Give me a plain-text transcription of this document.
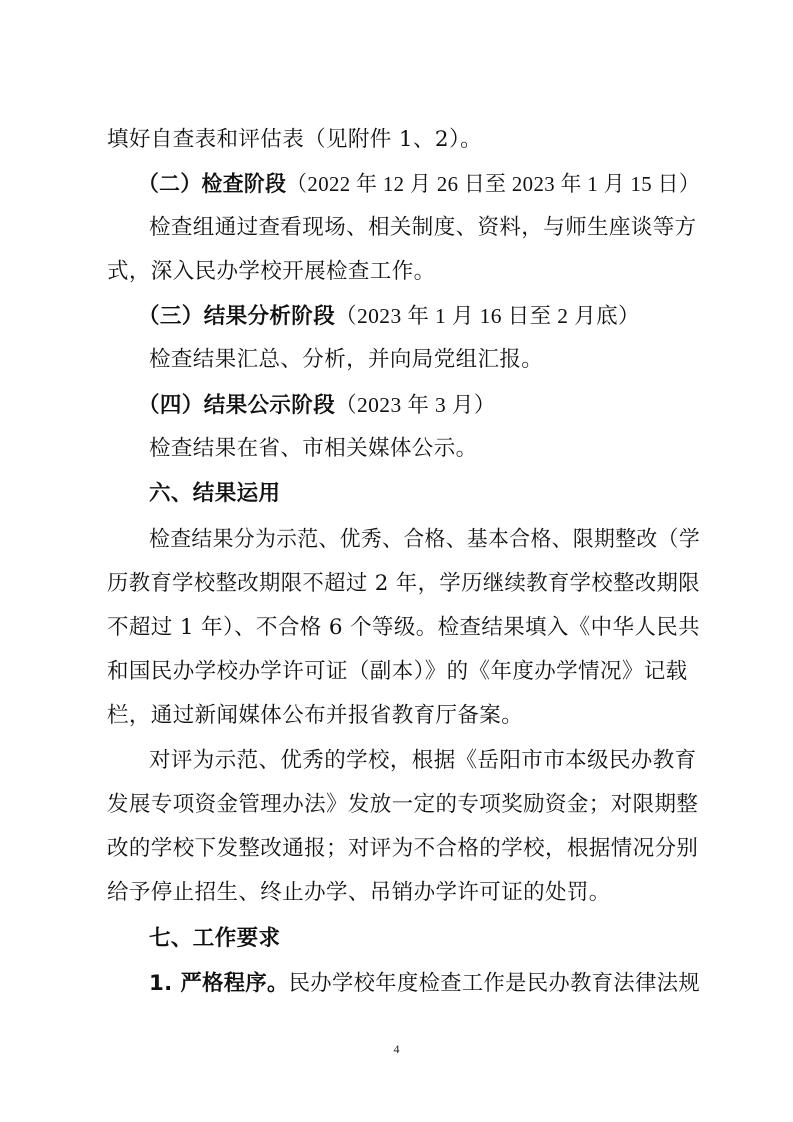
填好自查表和评估表（见附件 1、2）。
（二）检查阶段（2022 年 12 月 26 日至 2023 年 1 月 15 日）
检查组通过查看现场、相关制度、资料，与师生座谈等方
式，深入民办学校开展检查工作。
（三）结果分析阶段（2023 年 1 月 16 日至 2 月底）
检查结果汇总、分析，并向局党组汇报。
（四）结果公示阶段（2023 年 3 月）
检查结果在省、市相关媒体公示。
六、结果运用
检查结果分为示范、优秀、合格、基本合格、限期整改（学
历教育学校整改期限不超过 2 年，学历继续教育学校整改期限
不超过 1 年）、不合格 6 个等级。检查结果填入《中华人民共
和国民办学校办学许可证（副本）》的《年度办学情况》记载
栏，通过新闻媒体公布并报省教育厅备案。
对评为示范、优秀的学校，根据《岳阳市市本级民办教育
发展专项资金管理办法》发放一定的专项奖励资金；对限期整
改的学校下发整改通报；对评为不合格的学校，根据情况分别
给予停止招生、终止办学、吊销办学许可证的处罚。
七、工作要求
1. 严格程序。民办学校年度检查工作是民办教育法律法规
4
